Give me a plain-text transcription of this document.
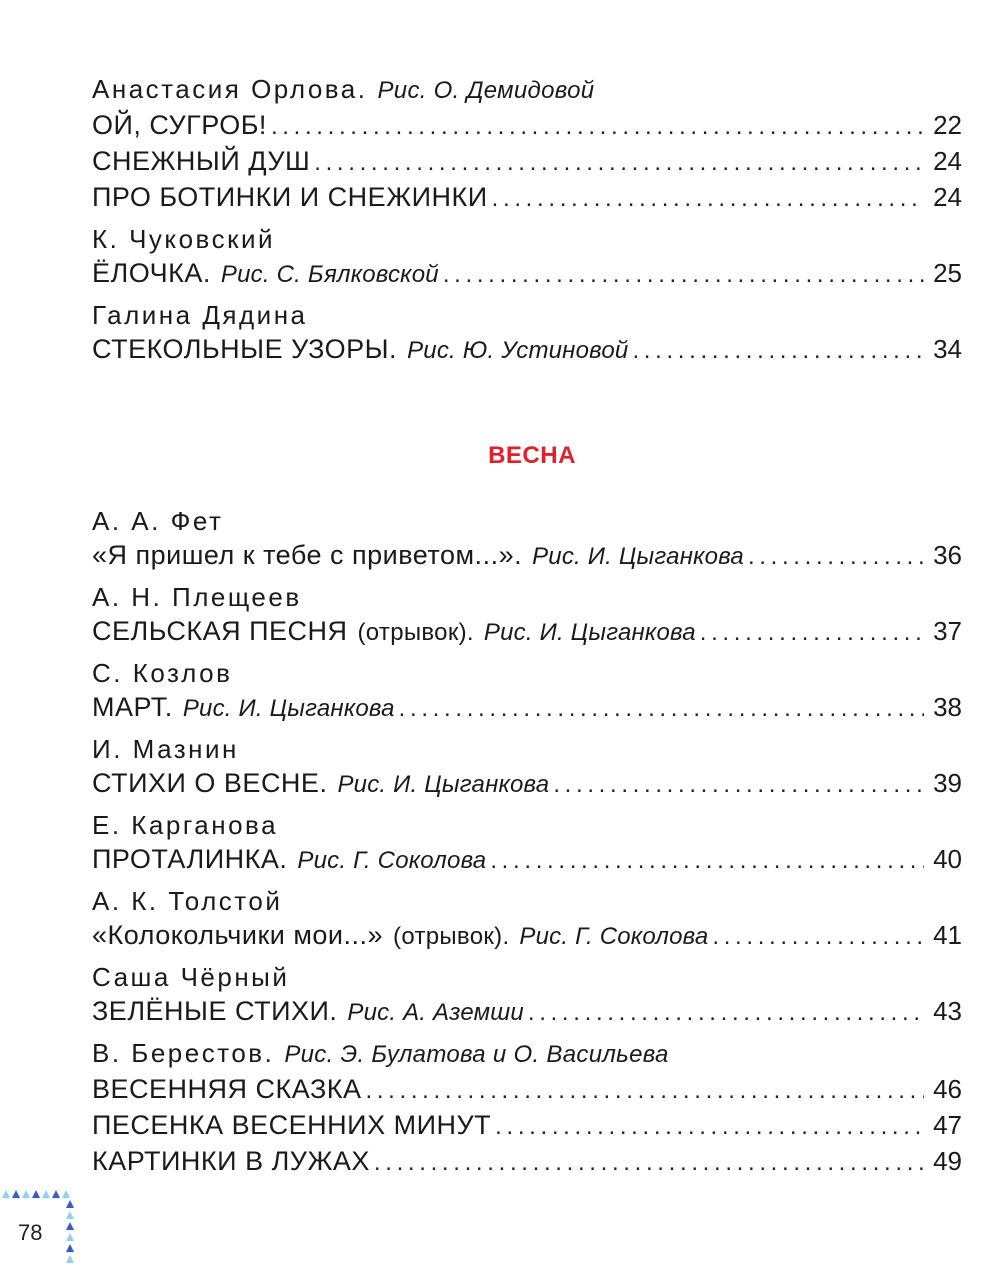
Анастасия Орлова. Рис. О. Демидовой
ОЙ, СУГРОБ! . . .	22
СНЕЖНЫЙ ДУШ . . .	24
ПРО БОТИНКИ И СНЕЖИНКИ . . .	24
К. Чуковский
ЁЛОЧКА. Рис. С. Бялковской . . .	25
Галина Дядина
СТЕКОЛЬНЫЕ УЗОРЫ. Рис. Ю. Устиновой . . .	34
ВЕСНА
А. А. Фет
«Я пришел к тебе с приветом...». Рис. И. Цыганкова . . .	36
А. Н. Плещеев
СЕЛЬСКАЯ ПЕСНЯ (отрывок). Рис. И. Цыганкова . . .	37
С. Козлов
МАРТ. Рис. И. Цыганкова . . .	38
И. Мазнин
СТИХИ О ВЕСНЕ. Рис. И. Цыганкова . . .	39
Е. Карганова
ПРОТАЛИНКА. Рис. Г. Соколова . . .	40
А. К. Толстой
«Колокольчики мои...» (отрывок). Рис. Г. Соколова . . .	41
Саша Чёрный
ЗЕЛЁНЫЕ СТИХИ. Рис. А. Аземши . . .	43
В. Берестов. Рис. Э. Булатова и О. Васильева
ВЕСЕННЯЯ СКАЗКА . . .	46
ПЕСЕНКА ВЕСЕННИХ МИНУТ . . .	47
КАРТИНКИ В ЛУЖАХ . . .	49
78
